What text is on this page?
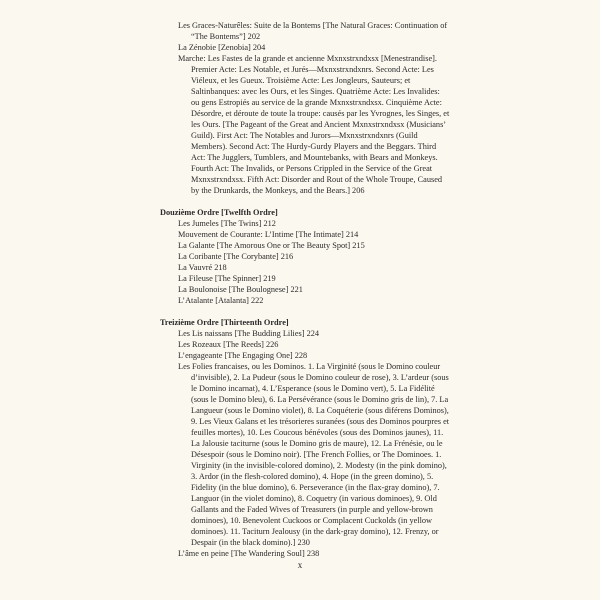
Les Graces-Naturêles: Suite de la Bontems [The Natural Graces: Continuation of “The Bontems”] 202

La Zénobie [Zenobia] 204

Marche: Les Fastes de la grande et ancienne Mxnxstrxndxsx [Menestrandise]. Premier Acte: Les Notable, et Jurés—Mxnxstrxndxnrs. Second Acte: Les Viéleux, et les Gueux. Troisième Acte: Les Jongleurs, Sauteurs; et Saltinbanques: avec les Ours, et les Singes. Quatrième Acte: Les Invalides: ou gens Estropiés au service de la grande Mxnxstrxndxsx. Cinquième Acte: Désordre, et déroute de toute la troupe: causés par les Yvrognes, les Singes, et les Ours. [The Pageant of the Great and Ancient Mxnxstrxndxsx (Musicians’ Guild). First Act: The Notables and Jurors—Mxnxstrxndxnrs (Guild Members). Second Act: The Hurdy-Gurdy Players and the Beggars. Third Act: The Jugglers, Tumblers, and Mountebanks, with Bears and Monkeys. Fourth Act: The Invalids, or Persons Crippled in the Service of the Great Mxnxstrxndxsx. Fifth Act: Disorder and Rout of the Whole Troupe, Caused by the Drunkards, the Monkeys, and the Bears.] 206

Douzième Ordre [Twelfth Ordre]

Les Jumeles [The Twins] 212

Mouvement de Courante: L’Intime [The Intimate] 214

La Galante [The Amorous One or The Beauty Spot] 215

La Coribante [The Corybante] 216

La Vauvré 218

La Fileuse [The Spinner] 219

La Boulonoise [The Boulognese] 221

L’Atalante [Atalanta] 222

Treizième Ordre [Thirteenth Ordre]

Les Lis naissans [The Budding Lilies] 224

Les Rozeaux [The Reeds] 226

L’engageante [The Engaging One] 228

Les Folies francaises, ou les Dominos. 1. La Virginité (sous le Domino couleur d’invisible), 2. La Pudeur (sous le Domino couleur de rose), 3. L’ardeur (sous le Domino incarnat), 4. L’Esperance (sous le Domino vert), 5. La Fidélité (sous le Domino bleu), 6. La Persévérance (sous le Domino gris de lin), 7. La Langueur (sous le Domino violet), 8. La Coquéterie (sous diférens Dominos), 9. Les Vieux Galans et les trésorieres suranées (sous des Dominos pourpres et feuilles mortes), 10. Les Coucous bénévoles (sous des Dominos jaunes), 11. La Jalousie taciturne (sous le Domino gris de maure), 12. La Frénésie, ou le Désespoir (sous le Domino noir). [The French Follies, or The Dominoes. 1. Virginity (in the invisible-colored domino), 2. Modesty (in the pink domino), 3. Ardor (in the flesh-colored domino), 4. Hope (in the green domino), 5. Fidelity (in the blue domino), 6. Perseverance (in the flax-gray domino), 7. Languor (in the violet domino), 8. Coquetry (in various dominoes), 9. Old Gallants and the Faded Wives of Treasurers (in purple and yellow-brown dominoes), 10. Benevolent Cuckoos or Complacent Cuckolds (in yellow dominoes). 11. Taciturn Jealousy (in the dark-gray domino), 12. Frenzy, or Despair (in the black domino).] 230

L’âme en peine [The Wandering Soul] 238

x
